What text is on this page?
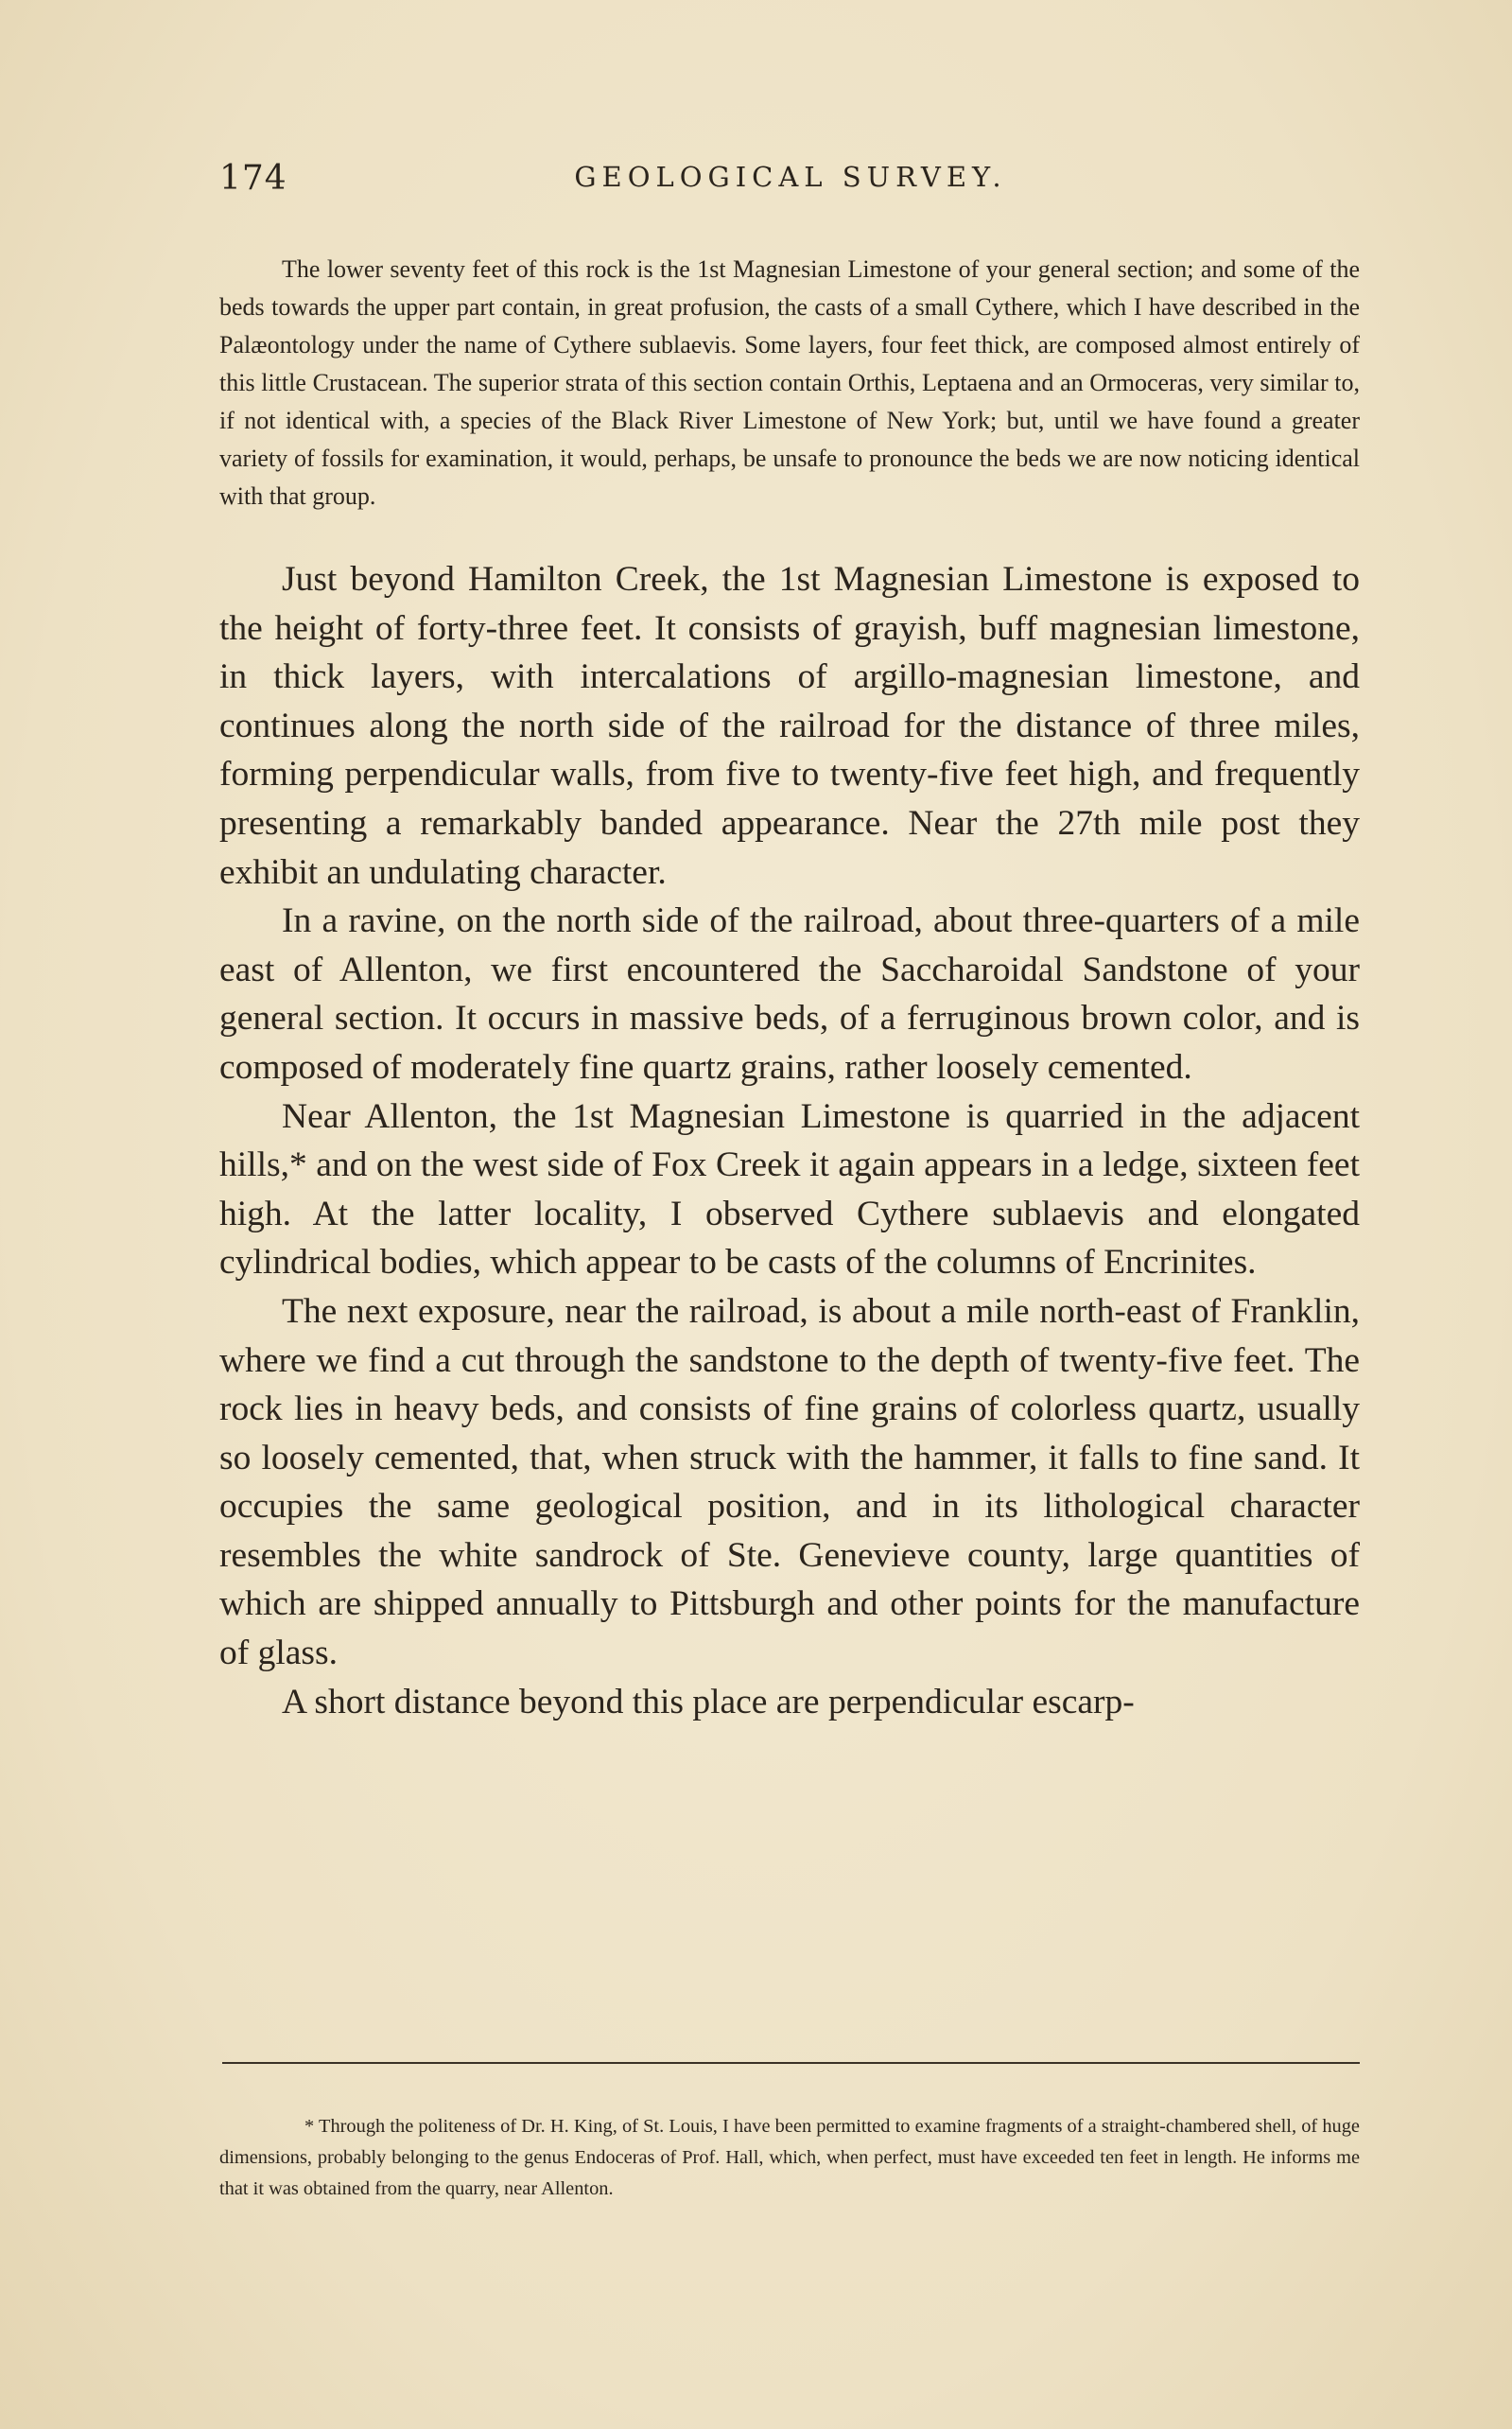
174	GEOLOGICAL SURVEY.

The lower seventy feet of this rock is the 1st Magnesian Limestone of your general section; and some of the beds towards the upper part contain, in great profusion, the casts of a small Cythere, which I have described in the Palæontology under the name of Cythere sublaevis. Some layers, four feet thick, are composed almost entirely of this little Crustacean. The superior strata of this section contain Orthis, Leptaena and an Ormoceras, very similar to, if not identical with, a species of the Black River Limestone of New York; but, until we have found a greater variety of fossils for examination, it would, perhaps, be unsafe to pronounce the beds we are now noticing identical with that group.

Just beyond Hamilton Creek, the 1st Magnesian Limestone is exposed to the height of forty-three feet. It consists of grayish, buff magnesian limestone, in thick layers, with intercalations of argillo-magnesian limestone, and continues along the north side of the railroad for the distance of three miles, forming perpendicular walls, from five to twenty-five feet high, and frequently presenting a remarkably banded appearance. Near the 27th mile post they exhibit an undulating character.

In a ravine, on the north side of the railroad, about three-quarters of a mile east of Allenton, we first encountered the Saccharoidal Sandstone of your general section. It occurs in massive beds, of a ferruginous brown color, and is composed of moderately fine quartz grains, rather loosely cemented.

Near Allenton, the 1st Magnesian Limestone is quarried in the adjacent hills,* and on the west side of Fox Creek it again appears in a ledge, sixteen feet high. At the latter locality, I observed Cythere sublaevis and elongated cylindrical bodies, which appear to be casts of the columns of Encrinites.

The next exposure, near the railroad, is about a mile north-east of Franklin, where we find a cut through the sandstone to the depth of twenty-five feet. The rock lies in heavy beds, and consists of fine grains of colorless quartz, usually so loosely cemented, that, when struck with the hammer, it falls to fine sand. It occupies the same geological position, and in its lithological character resembles the white sandrock of Ste. Genevieve county, large quantities of which are shipped annually to Pittsburgh and other points for the manufacture of glass.

A short distance beyond this place are perpendicular escarp-

* Through the politeness of Dr. H. King, of St. Louis, I have been permitted to examine fragments of a straight-chambered shell, of huge dimensions, probably belonging to the genus Endoceras of Prof. Hall, which, when perfect, must have exceeded ten feet in length. He informs me that it was obtained from the quarry, near Allenton.
